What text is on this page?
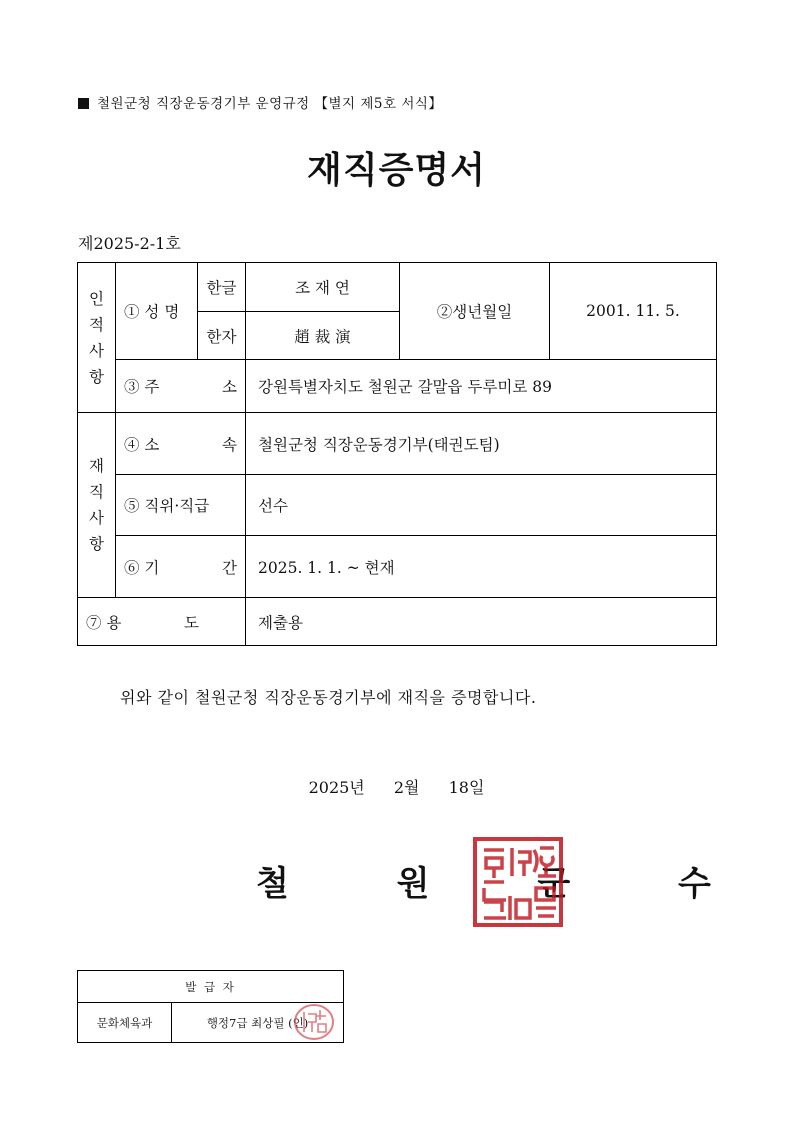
철원군청 직장운동경기부 운영규정 【별지 제5호 서식】
재직증명서
제2025-2-1호
인
적
사
항	① 성 명	한글	조 재 연	②생년월일	2001. 11. 5.
		한자	趙 裁 演		

	③ 주 소		강원특별자치도 철원군 갈말읍 두루미로 89		

재
직
사
항	④ 소 속		철원군청 직장운동경기부(태권도팀)		
	⑤ 직위·직급		선수		

	⑥ 기 간		2025. 1. 1. ~ 현재		

⑦ 용 도			제출용		
위와 같이 철원군청 직장운동경기부에 재직을 증명합니다.
2025년 2월 18일
철 원 군 수
발 급 자
문화체육과	행정7급 최상필 (인)
